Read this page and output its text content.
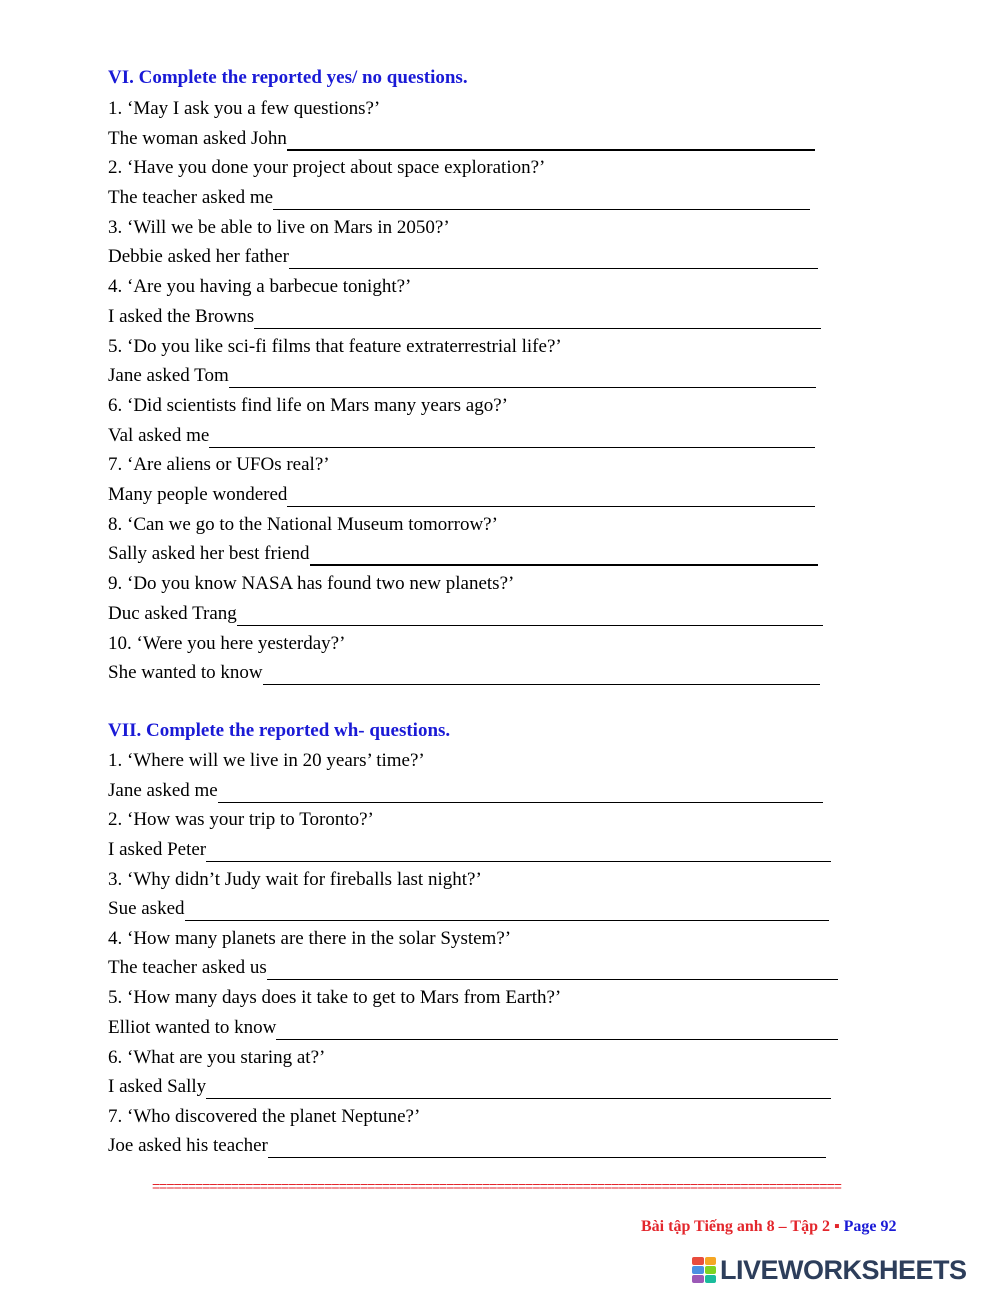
VI. Complete the reported yes/ no questions.
1. ‘May I ask you a few questions?’
The woman asked John
2. ‘Have you done your project about space exploration?’
The teacher asked me
3. ‘Will we be able to live on Mars in 2050?’
Debbie asked her father
4. ‘Are you having a barbecue tonight?’
I asked the Browns
5. ‘Do you like sci-fi films that feature extraterrestrial life?’
Jane asked Tom
6. ‘Did scientists find life on Mars many years ago?’
Val asked me
7. ‘Are aliens or UFOs real?’
Many people wondered
8. ‘Can we go to the National Museum tomorrow?’
Sally asked her best friend
9. ‘Do you know NASA has found two new planets?’
Duc asked Trang
10. ‘Were you here yesterday?’
She wanted to know
VII. Complete the reported wh- questions.
1. ‘Where will we live in 20 years’ time?’
Jane asked me
2. ‘How was your trip to Toronto?’
I asked Peter
3. ‘Why didn’t Judy wait for fireballs last night?’
Sue asked
4. ‘How many planets are there in the solar System?’
The teacher asked us
5. ‘How many days does it take to get to Mars from Earth?’
Elliot wanted to know
6. ‘What are you staring at?’
I asked Sally
7. ‘Who discovered the planet Neptune?’
Joe asked his teacher
================================================================================================
Bài tập Tiếng anh 8 – Tập 2 ▪ Page 92
LIVEWORKSHEETS
